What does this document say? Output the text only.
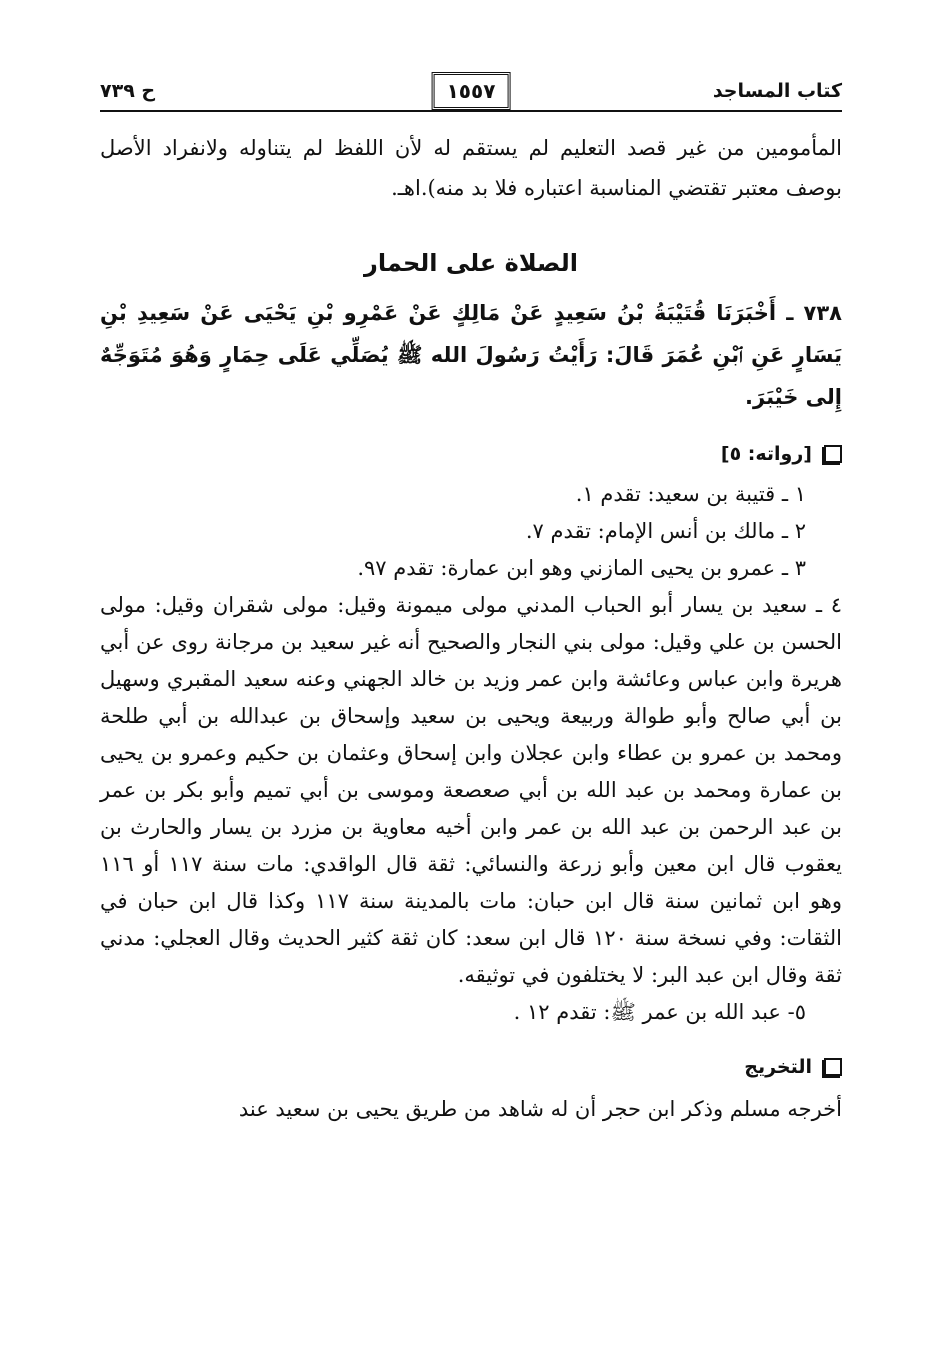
كتاب المساجد
١٥٥٧
ح ٧٣٩

المأمومين من غير قصد التعليم لم يستقم له لأن اللفظ لم يتناوله ولانفراد الأصل بوصف معتبر تقتضي المناسبة اعتباره فلا بد منه).اهـ.

الصلاة على الحمار

٧٣٨ ـ أَخْبَرَنَا قُتَيْبَةُ بْنُ سَعِيدٍ عَنْ مَالِكٍ عَنْ عَمْرِو بْنِ يَحْيَى عَنْ سَعِيدِ بْنِ يَسَارٍ عَنِ ٱبْنِ عُمَرَ قَالَ: رَأَيْتُ رَسُولَ الله ﷺ يُصَلِّي عَلَى حِمَارٍ وَهُوَ مُتَوَجِّهٌ إِلى خَيْبَرَ.

[رواته: ٥]
١ ـ قتيبة بن سعيد: تقدم ١.
٢ ـ مالك بن أنس الإمام: تقدم ٧.
٣ ـ عمرو بن يحيى المازني وهو ابن عمارة: تقدم ٩٧.

٤ ـ سعيد بن يسار أبو الحباب المدني مولى ميمونة وقيل: مولى شقران وقيل: مولى الحسن بن علي وقيل: مولى بني النجار والصحيح أنه غير سعيد بن مرجانة روى عن أبي هريرة وابن عباس وعائشة وابن عمر وزيد بن خالد الجهني وعنه سعيد المقبري وسهيل بن أبي صالح وأبو طوالة وربيعة ويحيى بن سعيد وإسحاق بن عبدالله بن أبي طلحة ومحمد بن عمرو بن عطاء وابن عجلان وابن إسحاق وعثمان بن حكيم وعمرو بن يحيى بن عمارة ومحمد بن عبد الله بن أبي صعصعة وموسى بن أبي تميم وأبو بكر بن عمر بن عبد الرحمن بن عبد الله بن عمر وابن أخيه معاوية بن مزرد بن يسار والحارث بن يعقوب قال ابن معين وأبو زرعة والنسائي: ثقة قال الواقدي: مات سنة ١١٧ أو ١١٦ وهو ابن ثمانين سنة قال ابن حبان: مات بالمدينة سنة ١١٧ وكذا قال ابن حبان في الثقات: وفي نسخة سنة ١٢٠ قال ابن سعد: كان ثقة كثير الحديث وقال العجلي: مدني ثقة وقال ابن عبد البر: لا يختلفون في توثيقه.

٥- عبد الله بن عمر ﷺ: تقدم ١٢ .
التخريج

أخرجه مسلم وذكر ابن حجر أن له شاهد من طريق يحيى بن سعيد عند
